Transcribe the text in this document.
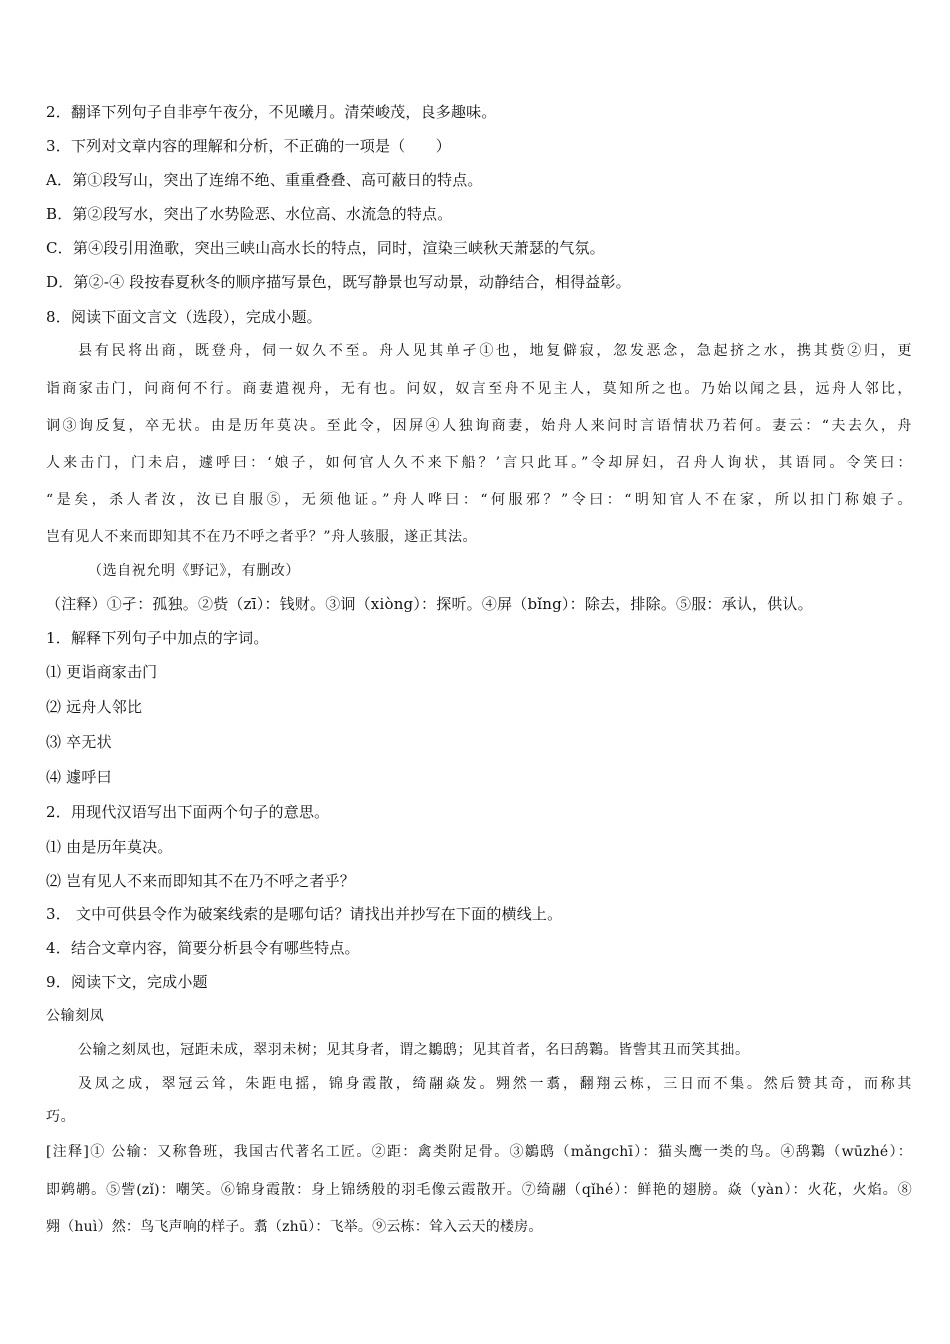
2．翻译下列句子自非亭午夜分，不见曦月。清荣峻茂，良多趣味。
3．下列对文章内容的理解和分析，不正确的一项是（　　）
A．第①段写山，突出了连绵不绝、重重叠叠、高可蔽日的特点。
B．第②段写水，突出了水势险恶、水位高、水流急的特点。
C．第④段引用渔歌，突出三峡山高水长的特点，同时，渲染三峡秋天萧瑟的气氛。
D．第②-④ 段按春夏秋冬的顺序描写景色，既写静景也写动景，动静结合，相得益彰。
8．阅读下面文言文（选段），完成小题。
县有民将出商，既登舟，伺一奴久不至。舟人见其单孑①也，地复僻寂，忽发恶念，急起挤之水，携其赀②归，更
诣商家击门，问商何不行。商妻遣视舟，无有也。问奴，奴言至舟不见主人，莫知所之也。乃始以闻之县，远舟人邻比，
诇③询反复，卒无状。由是历年莫决。至此令，因屏④人独询商妻，始舟人来问时言语情状乃若何。妻云：“夫去久，舟
人来击门，门未启，遽呼曰：‘娘子，如何官人久不来下船？’言只此耳。”令却屏妇，召舟人询状，其语同。令笑曰：
“是矣，杀人者汝，汝已自服⑤，无须他证。”舟人哗曰：“何服邪？”令曰：“明知官人不在家，所以扣门称娘子。
岂有见人不来而即知其不在乃不呼之者乎？”舟人骇服，遂正其法。
（选自祝允明《野记》，有删改）
（注释）①孑：孤独。②赀（zī）：钱财。③诇（xiòng）：探听。④屏（bǐng）：除去，排除。⑤服：承认，供认。
1．解释下列句子中加点的字词。
⑴ 更诣商家击门
⑵ 远舟人邻比
⑶ 卒无状
⑷ 遽呼曰
2．用现代汉语写出下面两个句子的意思。
⑴ 由是历年莫决。
⑵ 岂有见人不来而即知其不在乃不呼之者乎？
3． 文中可供县令作为破案线索的是哪句话？请找出并抄写在下面的横线上。
4．结合文章内容，简要分析县令有哪些特点。
9．阅读下文，完成小题
公输刻凤
公输之刻凤也，冠距未成，翠羽未树；见其身者，谓之鶵鸱；见其首者，名曰鸹鸈。皆訾其丑而笑其拙。
及凤之成，翠冠云耸，朱距电摇，锦身霞散，绮翮焱发。翙然一翥，翻翔云栋，三日而不集。然后赞其奇，而称其
巧。
[注释]① 公输：又称鲁班，我国古代著名工匠。②距：禽类附足骨。③鶵鸱（mǎngchī）：猫头鹰一类的鸟。④鸹鸈（wūzhé）：
即鹈鹕。⑤訾(zǐ)：嘲笑。⑥锦身霞散：身上锦绣般的羽毛像云霞散开。⑦绮翮（qǐhé）：鲜艳的翅膀。焱（yàn）：火花，火焰。⑧
翙（huì）然：鸟飞声响的样子。翥（zhū）：飞举。⑨云栋：耸入云天的楼房。
